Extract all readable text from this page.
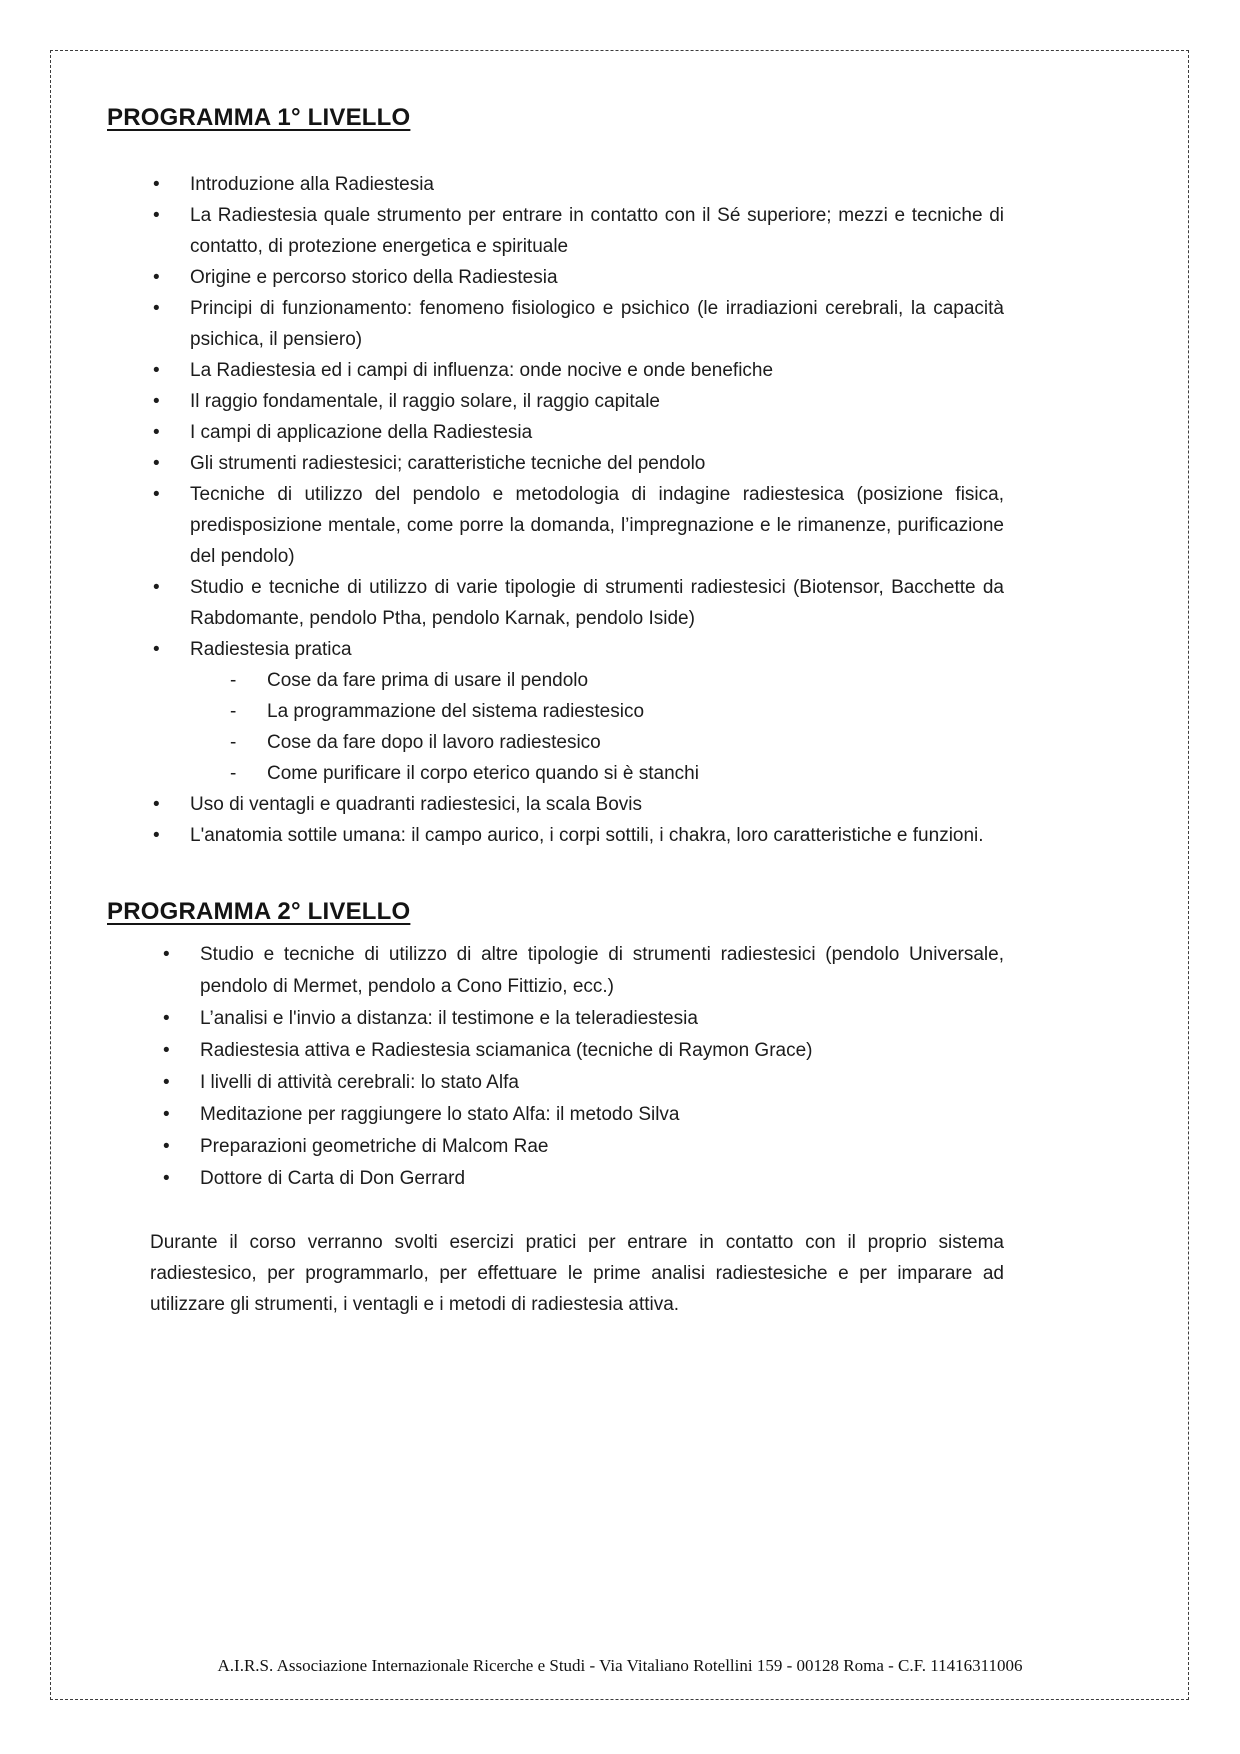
PROGRAMMA 1° LIVELLO
•	Introduzione alla Radiestesia
•	La Radiestesia quale strumento per entrare in contatto con il Sé superiore; mezzi e tecniche di contatto, di protezione energetica e spirituale
•	Origine e percorso storico della Radiestesia
•	Principi di funzionamento: fenomeno fisiologico e psichico (le irradiazioni cerebrali, la capacità psichica, il pensiero)
•	La Radiestesia ed i campi di influenza: onde nocive e onde benefiche
•	Il raggio fondamentale, il raggio solare, il raggio capitale
•	I campi di applicazione della Radiestesia
•	Gli strumenti radiestesici; caratteristiche tecniche del pendolo
•	Tecniche di utilizzo del pendolo e metodologia di indagine radiestesica (posizione fisica, predisposizione mentale, come porre la domanda, l’impregnazione e le rimanenze, purificazione del pendolo)
•	Studio e tecniche di utilizzo di varie tipologie di strumenti radiestesici (Biotensor, Bacchette da Rabdomante, pendolo Ptha, pendolo Karnak, pendolo Iside)
•	Radiestesia pratica
-	Cose da fare prima di usare il pendolo
-	La programmazione del sistema radiestesico
-	Cose da fare dopo il lavoro radiestesico
-	Come purificare il corpo eterico quando si è stanchi
•	Uso di ventagli e quadranti radiestesici, la scala Bovis
•	L'anatomia sottile umana: il campo aurico, i corpi sottili, i chakra, loro caratteristiche e funzioni.
PROGRAMMA 2° LIVELLO
•	Studio e tecniche di utilizzo di altre tipologie di strumenti radiestesici (pendolo Universale, pendolo di Mermet, pendolo a Cono Fittizio, ecc.)
•	L’analisi e l'invio a distanza: il testimone e la teleradiestesia
•	Radiestesia attiva e Radiestesia sciamanica (tecniche di Raymon Grace)
•	I livelli di attività cerebrali: lo stato Alfa
•	Meditazione per raggiungere lo stato Alfa: il metodo Silva
•	Preparazioni geometriche di Malcom Rae
•	Dottore di Carta di Don Gerrard

Durante il corso verranno svolti esercizi pratici per entrare in contatto con il proprio sistema radiestesico, per programmarlo, per effettuare le prime analisi radiestesiche e per imparare ad utilizzare gli strumenti, i ventagli e i metodi di radiestesia attiva.

A.I.R.S. Associazione Internazionale Ricerche e Studi - Via Vitaliano Rotellini 159 - 00128 Roma - C.F. 11416311006
